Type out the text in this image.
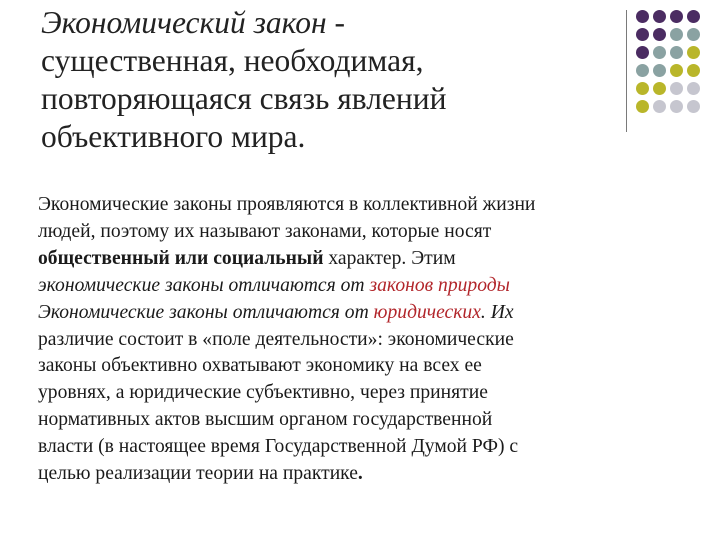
Экономический закон -
существенная, необходимая,
повторяющаяся связь явлений
объективного мира.
Экономические законы проявляются в коллективной жизни
людей, поэтому их называют законами, которые носят
общественный или социальный характер. Этим
экономические законы отличаются от законов природы
Экономические законы отличаются от юридических. Их
различие состоит в «поле деятельности»: экономические
законы объективно охватывают экономику на всех ее
уровнях, а юридические субъективно, через принятие
нормативных актов высшим органом государственной
власти (в настоящее время Государственной Думой РФ) с
целью реализации теории на практике.
